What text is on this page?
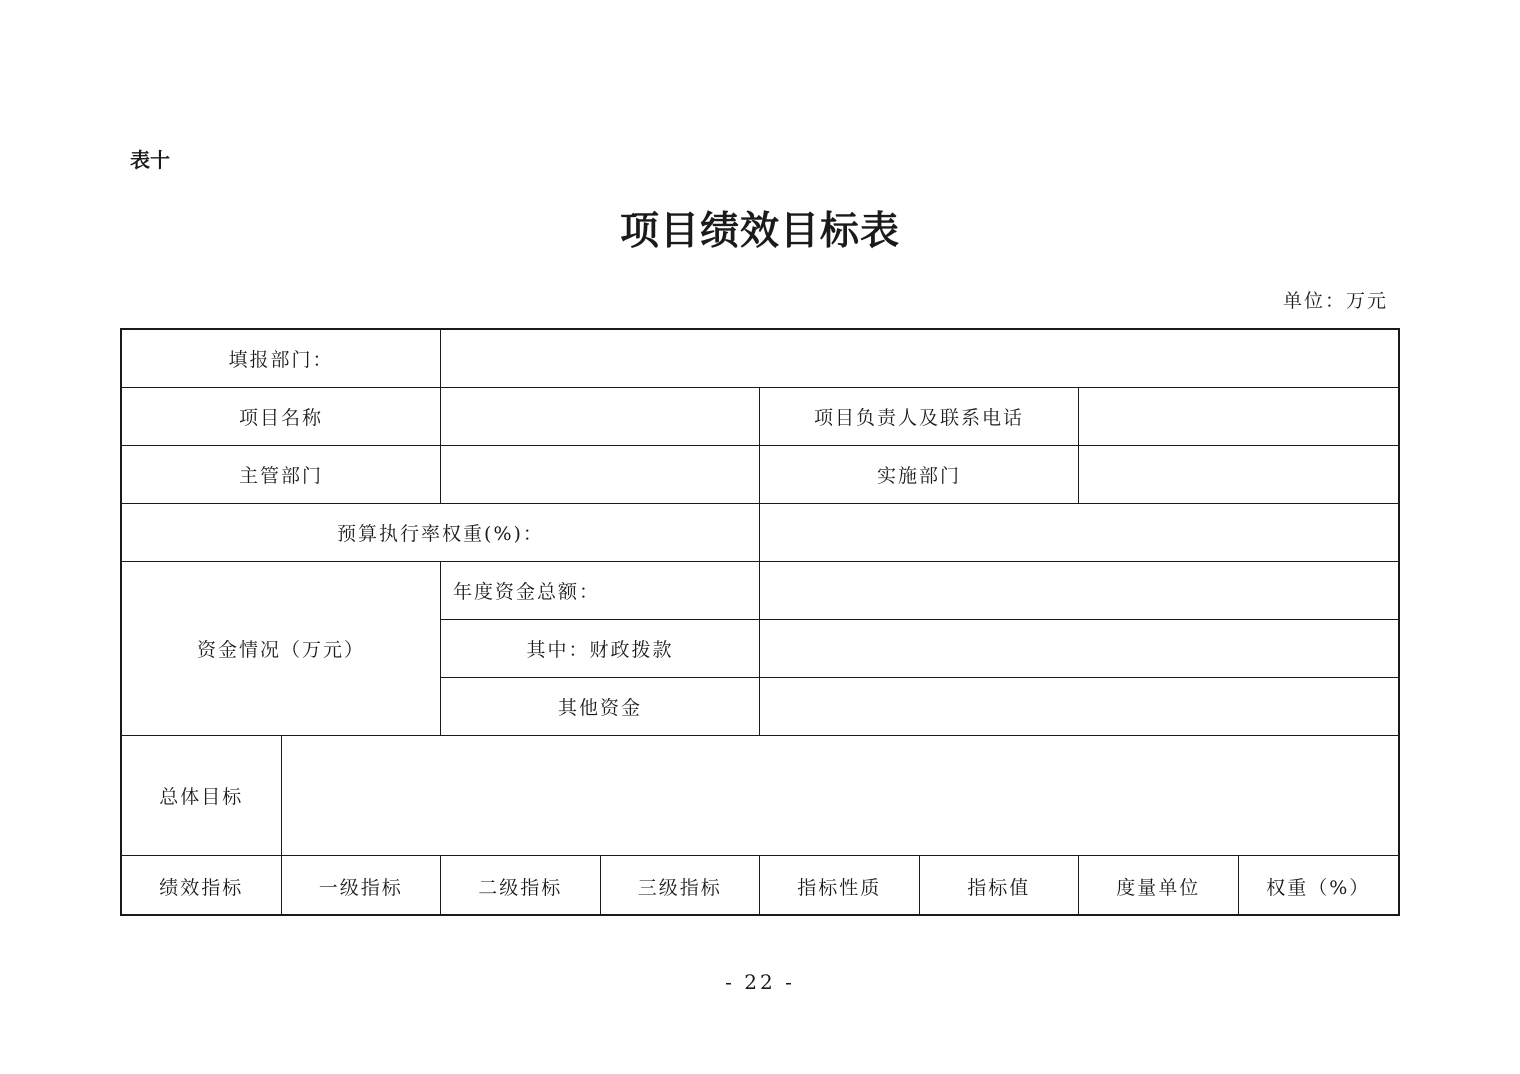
表十
项目绩效目标表
单位：万元
填报部门：
项目名称	项目负责人及联系电话
主管部门	实施部门
预算执行率权重(%)：
资金情况（万元）
年度资金总额：
其中：财政拨款
其他资金
总体目标
绩效指标	一级指标	二级指标	三级指标	指标性质	指标值	度量单位	权重（%）
- 22 -
